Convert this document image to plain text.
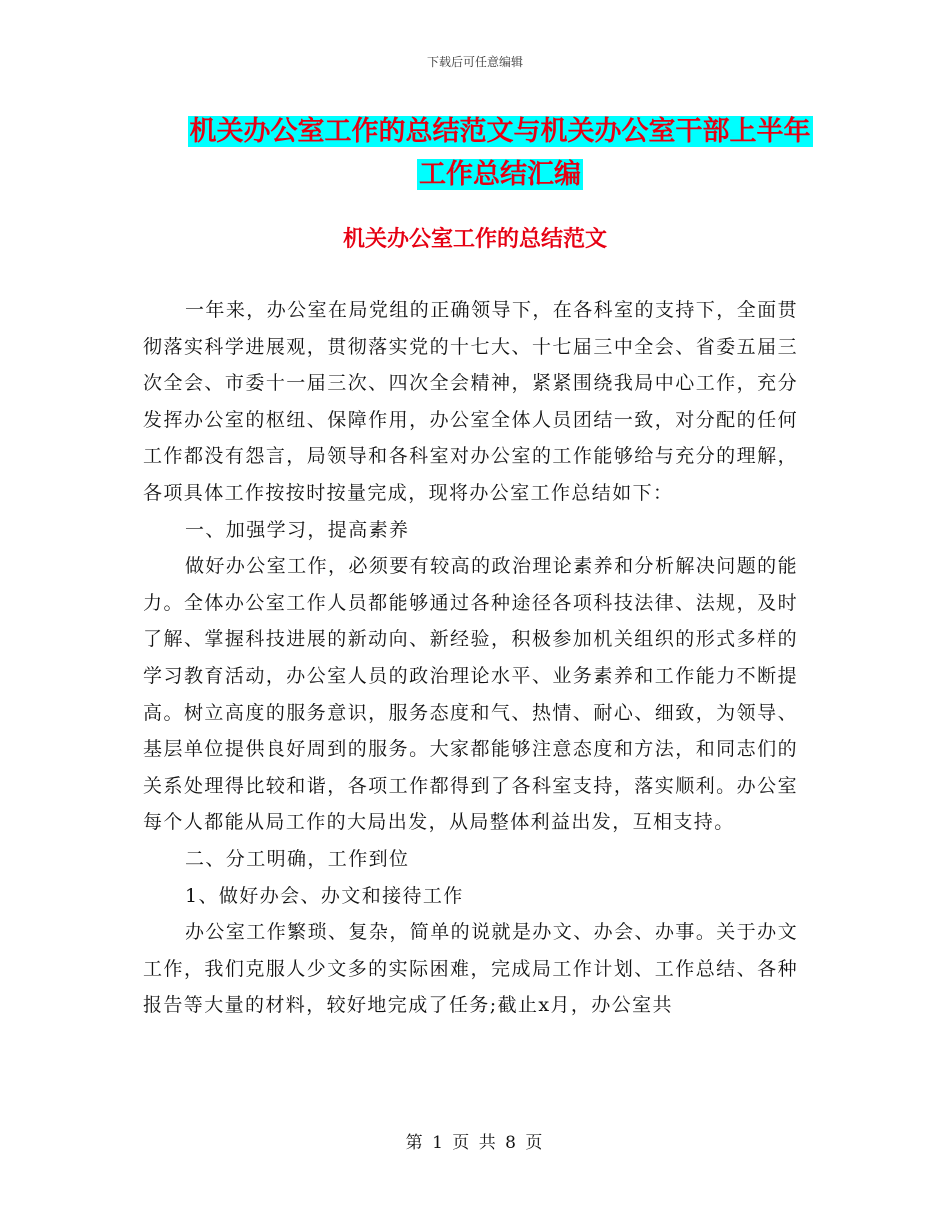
下载后可任意编辑
机关办公室工作的总结范文与机关办公室干部上半年
工作总结汇编
机关办公室工作的总结范文

一年来，办公室在局党组的正确领导下，在各科室的支持下，全面贯彻落实科学进展观，贯彻落实党的十七大、十七届三中全会、省委五届三次全会、市委十一届三次、四次全会精神，紧紧围绕我局中心工作，充分发挥办公室的枢纽、保障作用，办公室全体人员团结一致，对分配的任何工作都没有怨言，局领导和各科室对办公室的工作能够给与充分的理解，各项具体工作按按时按量完成，现将办公室工作总结如下：

一、加强学习，提高素养

做好办公室工作，必须要有较高的政治理论素养和分析解决问题的能力。全体办公室工作人员都能够通过各种途径各项科技法律、法规，及时了解、掌握科技进展的新动向、新经验，积极参加机关组织的形式多样的学习教育活动，办公室人员的政治理论水平、业务素养和工作能力不断提高。树立高度的服务意识，服务态度和气、热情、耐心、细致，为领导、基层单位提供良好周到的服务。大家都能够注意态度和方法，和同志们的关系处理得比较和谐，各项工作都得到了各科室支持，落实顺利。办公室每个人都能从局工作的大局出发，从局整体利益出发，互相支持。

二、分工明确，工作到位

1、做好办会、办文和接待工作

办公室工作繁琐、复杂，简单的说就是办文、办会、办事。关于办文工作，我们克服人少文多的实际困难，完成局工作计划、工作总结、各种报告等大量的材料，较好地完成了任务;截止x月，办公室共

第 1 页 共 8 页
